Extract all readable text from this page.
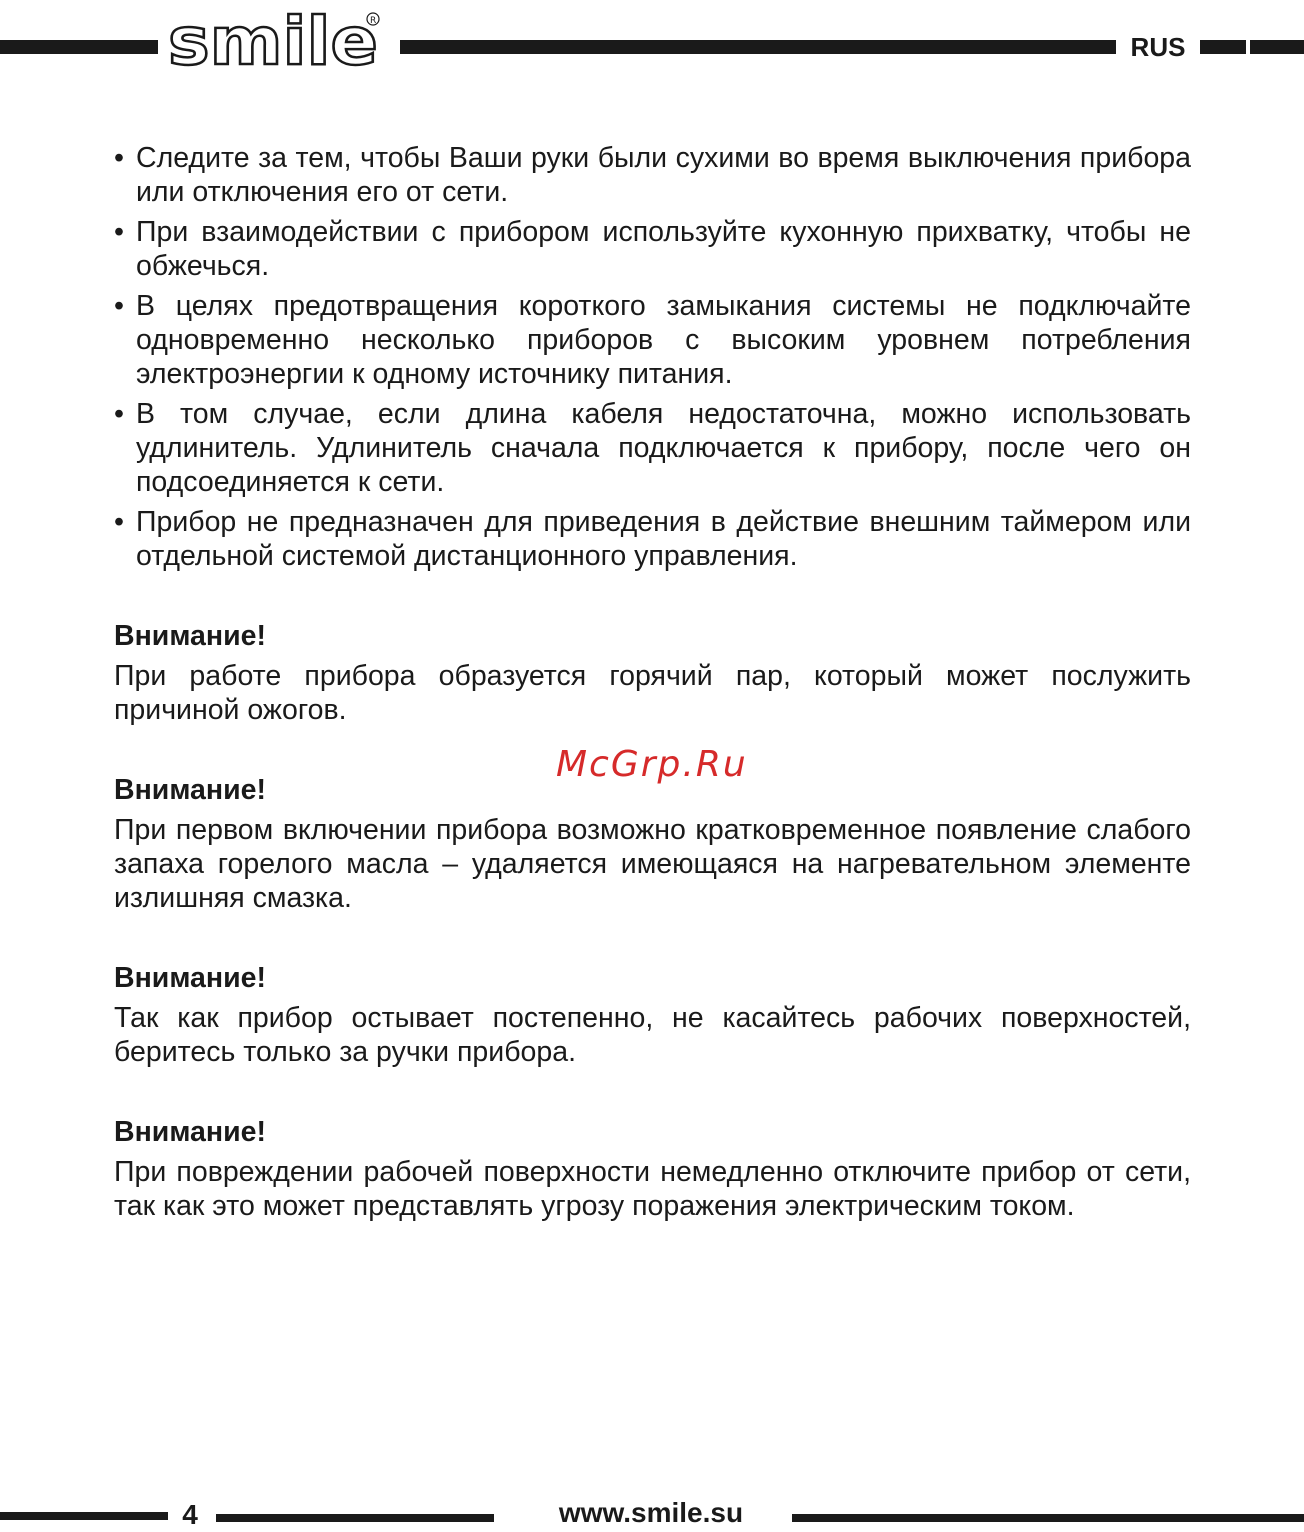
smile
R
RUS
• Следите за тем, чтобы Ваши руки были сухими во время выключения прибора или отключения его от сети.
• При взаимодействии с прибором используйте кухонную прихватку, чтобы не обжечься.
• В целях предотвращения короткого замыкания системы не подключайте одновременно несколько приборов с высоким уровнем потребления электроэнергии к одному источнику питания.
• В том случае, если длина кабеля недостаточна, можно использовать удлинитель. Удлинитель сначала подключается к прибору, после чего он подсоединяется к сети.
• Прибор не предназначен для приведения в действие внешним таймером или отдельной системой дистанционного управления.
Внимание!

При работе прибора образуется горячий пар, который может послужить причиной ожогов.

Внимание!

При первом включении прибора возможно кратковременное появление слабого запаха горелого масла – удаляется имеющаяся на нагревательном элементе излишняя смазка.

Внимание!

Так как прибор остывает постепенно, не касайтесь рабочих поверхностей, беритесь только за ручки прибора.

Внимание!

При повреждении рабочей поверхности немедленно отключите прибор от сети, так как это может представлять угрозу поражения электрическим током.

McGrp.Ru
4	www.smile.su
